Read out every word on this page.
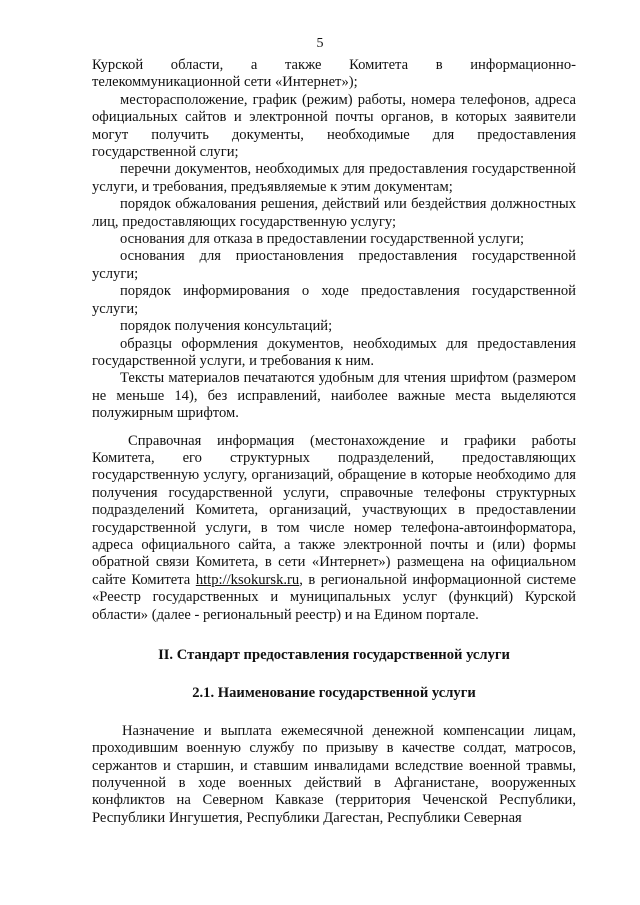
5

Курской области, а также Комитета в информационно-телекоммуникационной сети «Интернет»);

месторасположение, график (режим) работы, номера телефонов, адреса официальных сайтов и электронной почты органов, в которых заявители могут получить документы, необходимые для предоставления государственной слуги;

перечни документов, необходимых для предоставления государственной услуги, и требования, предъявляемые к этим документам;

порядок обжалования решения, действий или бездействия должностных лиц, предоставляющих государственную услугу;

основания для отказа в предоставлении государственной услуги;

основания для приостановления предоставления государственной услуги;

порядок информирования о ходе предоставления государственной услуги;

порядок получения консультаций;

образцы оформления документов, необходимых для предоставления государственной услуги, и требования к ним.

Тексты материалов печатаются удобным для чтения шрифтом (размером не меньше 14), без исправлений, наиболее важные места выделяются полужирным шрифтом.

Справочная информация (местонахождение и графики работы Комитета, его структурных подразделений, предоставляющих государственную услугу, организаций, обращение в которые необходимо для получения государственной услуги, справочные телефоны структурных подразделений Комитета, организаций, участвующих в предоставлении государственной услуги, в том числе номер телефона-автоинформатора, адреса официального сайта, а также электронной почты и (или) формы обратной связи Комитета, в сети «Интернет») размещена на официальном сайте Комитета http://ksokursk.ru, в региональной информационной системе «Реестр государственных и муниципальных услуг (функций) Курской области» (далее - региональный реестр) и на Едином портале.

II. Стандарт предоставления государственной услуги

2.1. Наименование государственной услуги

Назначение и выплата ежемесячной денежной компенсации лицам, проходившим военную службу по призыву в качестве солдат, матросов, сержантов и старшин, и ставшим инвалидами вследствие военной травмы, полученной в ходе военных действий в Афганистане, вооруженных конфликтов на Северном Кавказе (территория Чеченской Республики, Республики Ингушетия, Республики Дагестан, Республики Северная
